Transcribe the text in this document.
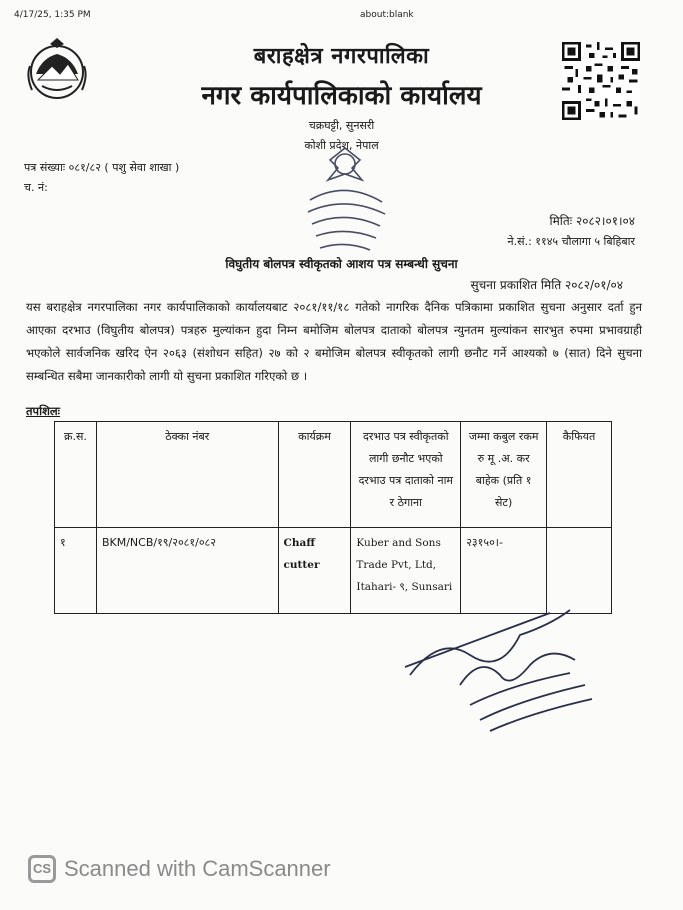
4/17/25, 1:35 PM	about:blank
बराहक्षेत्र नगरपालिका
नगर कार्यपालिकाको कार्यालय
चक्रघट्टी, सुनसरी
कोशी प्रदेश, नेपाल
पत्र संख्याः ०८१/८२ ( पशु सेवा शाखा )
च. नं:
मितिः २०८२।०१।०४
ने.सं.: ११४५ चौलागा ५ बिहिबार
विघुतीय बोलपत्र स्वीकृतको आशय पत्र सम्बन्धी सुचना
सुचना प्रकाशित मिति २०८२/०१/०४
यस बराहक्षेत्र नगरपालिका नगर कार्यपालिकाको कार्यालयबाट २०८१/११/१८ गतेको नागरिक दैनिक पत्रिकामा प्रकाशित सुचना अनुसार दर्ता हुन आएका दरभाउ (विघुतीय बोलपत्र) पत्रहरु मुल्यांकन हुदा निम्न बमोजिम बोलपत्र दाताको बोलपत्र न्युनतम मुल्यांकन सारभुत रुपमा प्रभावग्राही भएकोले सार्वजनिक खरिद ऐन २०६३ (संशोधन सहित) २७ को २ बमोजिम बोलपत्र स्वीकृतको लागी छनौट गर्ने आश्यको ७ (सात) दिने सुचना सम्बन्धित सबैमा जानकारीको लागी यो सुचना प्रकाशित गरिएको छ ।
तपशिलः
क्र.स.	ठेक्का नंबर	कार्यक्रम	दरभाउ पत्र स्वीकृतको लागी छनौट भएको दरभाउ पत्र दाताको नाम र ठेगाना	जम्मा कबुल रकम रु मू .अ. कर बाहेक (प्रति १ सेट)	कैफियत
१	BKM/NCB/१९/२०८१/०८२	Chaff cutter	Kuber and Sons Trade Pvt, Ltd, Itahari- ९, Sunsari	२३१५०।-	
CS Scanned with CamScanner
